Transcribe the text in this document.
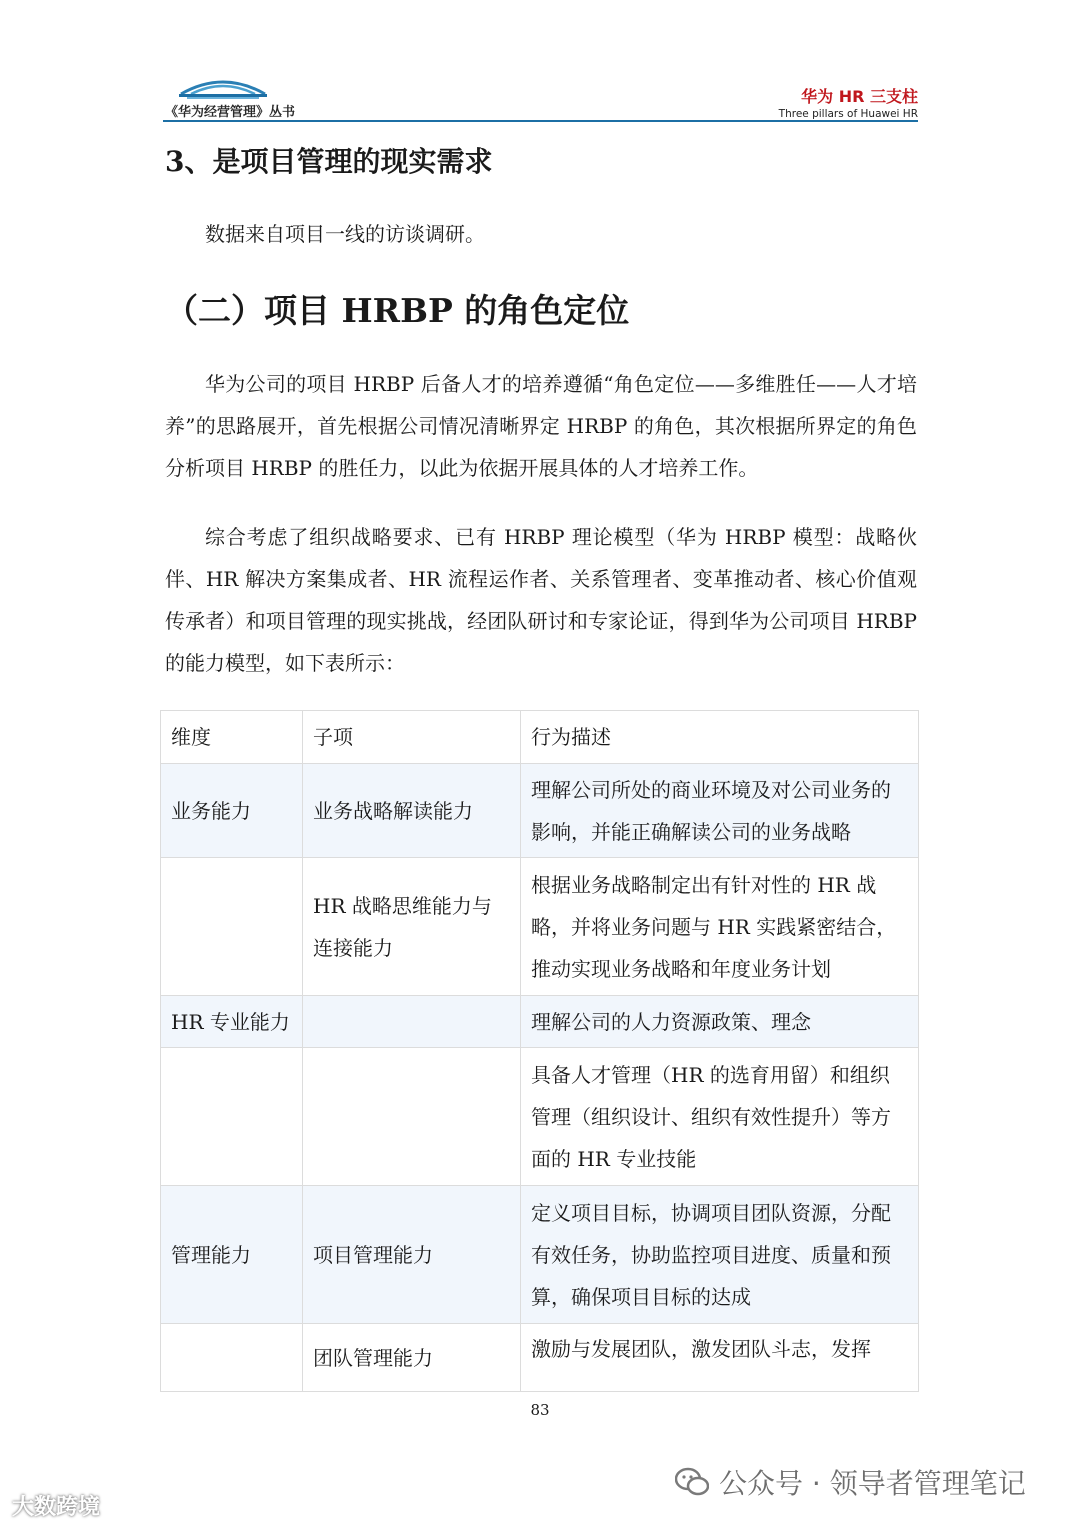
《华为经营管理》丛书
华为 HR 三支柱
Three pillars of Huawei HR
3、是项目管理的现实需求

数据来自项目一线的访谈调研。

（二）项目 HRBP 的角色定位

华为公司的项目 HRBP 后备人才的培养遵循“角色定位——多维胜任——人才培养”的思路展开，首先根据公司情况清晰界定 HRBP 的角色，其次根据所界定的角色分析项目 HRBP 的胜任力，以此为依据开展具体的人才培养工作。

综合考虑了组织战略要求、已有 HRBP 理论模型（华为 HRBP 模型：战略伙伴、HR 解决方案集成者、HR 流程运作者、关系管理者、变革推动者、核心价值观传承者）和项目管理的现实挑战，经团队研讨和专家论证，得到华为公司项目 HRBP 的能力模型，如下表所示：

维度	子项	行为描述
业务能力	业务战略解读能力	理解公司所处的商业环境及对公司业务的影响，并能正确解读公司的业务战略
	HR 战略思维能力与连接能力	根据业务战略制定出有针对性的 HR 战略，并将业务问题与 HR 实践紧密结合，推动实现业务战略和年度业务计划
HR 专业能力		理解公司的人力资源政策、理念
		具备人才管理（HR 的选育用留）和组织管理（组织设计、组织有效性提升）等方面的 HR 专业技能
管理能力	项目管理能力	定义项目目标，协调项目团队资源，分配有效任务，协助监控项目进度、质量和预算，确保项目目标的达成
	团队管理能力	激励与发展团队，激发团队斗志，发挥
83
公众号 · 领导者管理笔记
大数跨境
